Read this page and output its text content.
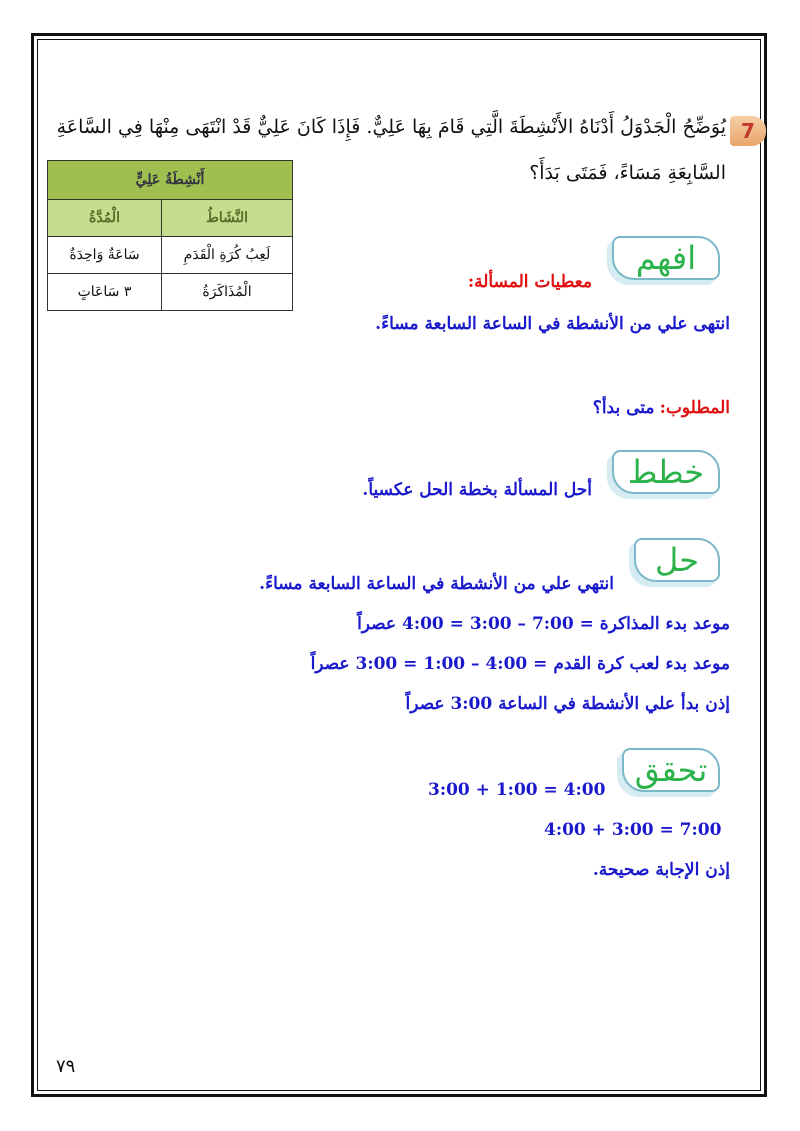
7
يُوَضِّحُ الْجَدْوَلُ أَدْنَاهُ الأَنْشِطَةَ الَّتِي قَامَ بِهَا عَلِيٌّ. فَإِذَا كَانَ عَلِيٌّ قَدْ انْتَهَى مِنْهَا فِي السَّاعَةِ
السَّابِعَةِ مَسَاءً، فَمَتَى بَدَأَ؟
أَنْشِطَةُ عَلِيٍّ	
النَّشَاطُ	الْمُدَّةُ
لَعِبُ كُرَةِ الْقَدَمِ	سَاعَةٌ وَاحِدَةٌ
الْمُذَاكَرَةُ	٣ سَاعَاتٍ
افهم
معطيات المسألة:
انتهى علي من الأنشطة في الساعة السابعة مساءً.
المطلوب: متى بدأ؟
خطط
أحل المسألة بخطة الحل عكسياً.
حل
انتهي علي من الأنشطة في الساعة السابعة مساءً.
موعد بدء المذاكرة = 7:00 – 3:00 = 4:00 عصراً
موعد بدء لعب كرة القدم = 4:00 – 1:00 = 3:00 عصراً
إذن بدأ علي الأنشطة في الساعة 3:00 عصراً
تحقق
3:00 + 1:00 = 4:00
4:00 + 3:00 = 7:00
إذن الإجابة صحيحة.
٧٩
